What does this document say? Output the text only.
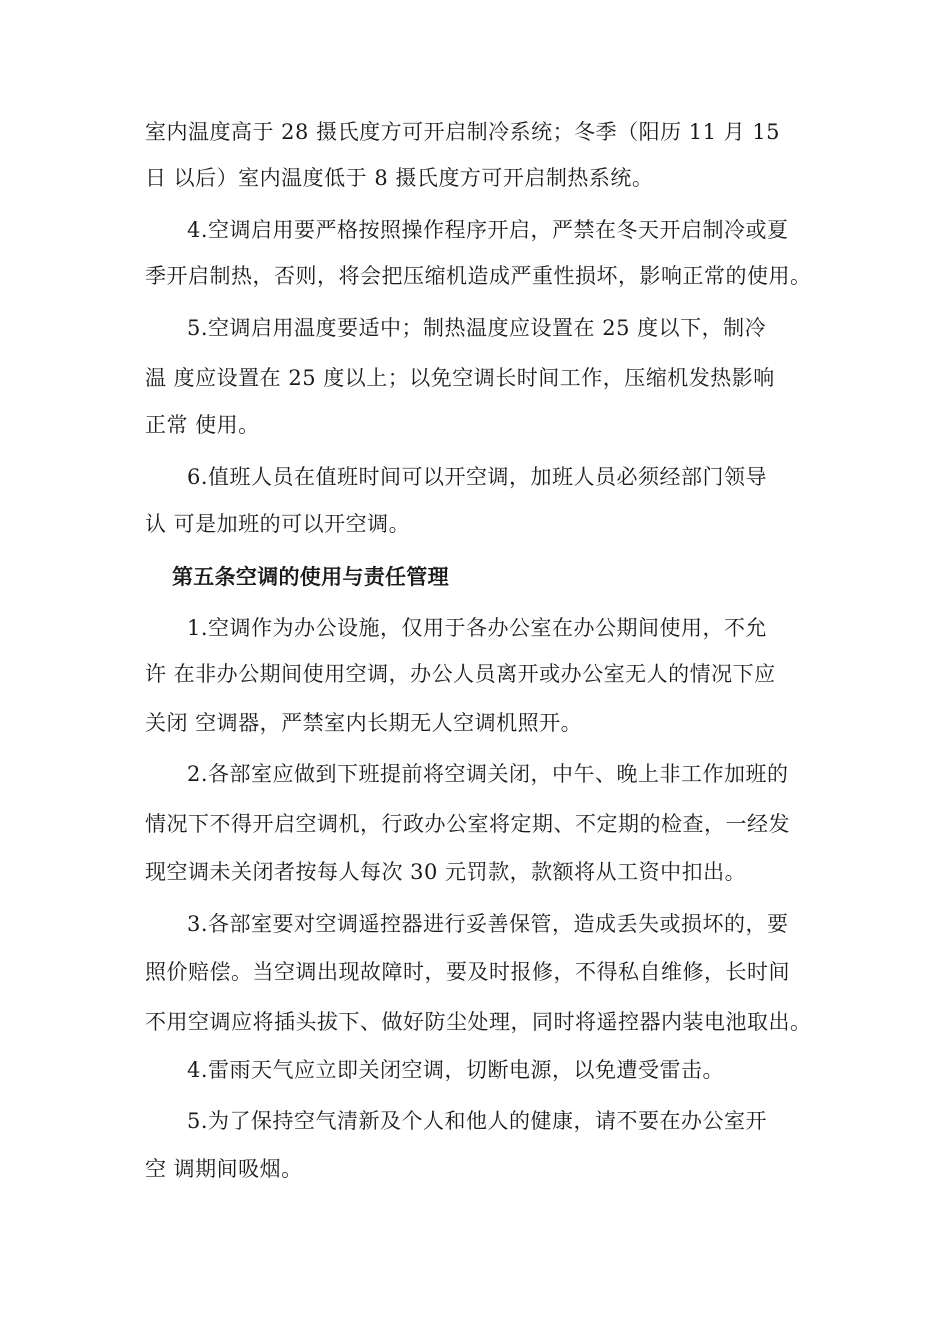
室内温度高于 28 摄氏度方可开启制冷系统；冬季（阳历 11 月 15
日 以后）室内温度低于 8 摄氏度方可开启制热系统。
4.空调启用要严格按照操作程序开启，严禁在冬天开启制冷或夏
季开启制热，否则，将会把压缩机造成严重性损坏，影响正常的使用。
5.空调启用温度要适中；制热温度应设置在 25 度以下，制冷
温 度应设置在 25 度以上；以免空调长时间工作，压缩机发热影响
正常 使用。
6.值班人员在值班时间可以开空调，加班人员必须经部门领导
认 可是加班的可以开空调。
第五条空调的使用与责任管理
1.空调作为办公设施，仅用于各办公室在办公期间使用，不允
许 在非办公期间使用空调，办公人员离开或办公室无人的情况下应
关闭 空调器，严禁室内长期无人空调机照开。
2.各部室应做到下班提前将空调关闭，中午、晚上非工作加班的
情况下不得开启空调机，行政办公室将定期、不定期的检查，一经发
现空调未关闭者按每人每次 30 元罚款，款额将从工资中扣出。
3.各部室要对空调遥控器进行妥善保管，造成丢失或损坏的，要
照价赔偿。当空调出现故障时，要及时报修，不得私自维修，长时间
不用空调应将插头拔下、做好防尘处理，同时将遥控器内装电池取出。
4.雷雨天气应立即关闭空调，切断电源，以免遭受雷击。
5.为了保持空气清新及个人和他人的健康，请不要在办公室开
空 调期间吸烟。
